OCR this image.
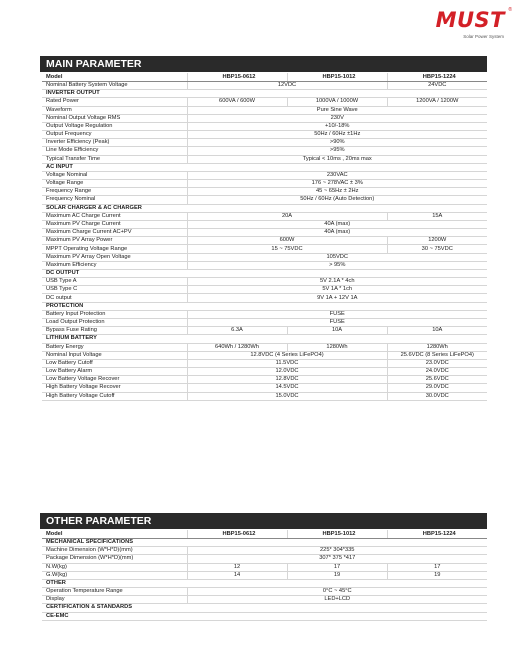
MUST ®
Solar Power System
MAIN PARAMETER
Model	HBP15-0612	HBP15-1012	HBP15-1224
Nominal Battery System Voltage	12VDC		24VDC
INVERTER OUTPUT			
Rated Power	600VA / 600W	1000VA / 1000W	1200VA / 1200W
Waveform	Pure Sine Wave		
Nominal Output Voltage RMS	230V		
Output Voltage Regulation	+10/-18%		
Output Frequency	50Hz / 60Hz ±1Hz		
Inverter Efficiency (Peak)	>90%		
Line Mode Efficiency	>95%		
Typical Transfer Time	Typical < 10ms , 20ms max		
AC INPUT			
Voltage Nominal	230VAC		
Voltage Range	176 ~ 278VAC ± 3%		
Frequency Range	45 ~ 65Hz ± 2Hz		
Frequency Nominal	50Hz / 60Hz (Auto Detection)		
SOLAR CHARGER & AC CHARGER			
Maximum AC Charge Current	20A		15A
Maximum PV Charge Current	40A (max)		
Maximum Charge Current AC+PV	40A (max)		
Maximum PV Array Power	600W		1200W
MPPT Operating Voltage Range	15 ~ 75VDC		30 ~ 75VDC
Maximum PV Array Open Voltage	105VDC		
Maximum Efficiency	> 95%		
DC OUTPUT			
USB Type A	5V 2.1A * 4ch		
USB Type C	5V 1A * 1ch		
DC output	9V 1A + 12V 1A		
PROTECTION			
Battery Input Protection	FUSE		
Load Output Protection	FUSE		
Bypass Fuse Rating	6.3A	10A	10A
LITHIUM BATTERY			
Battery Energy	640Wh / 1280Wh	1280Wh	1280Wh
Nominal Input Voltage	12.8VDC (4 Series LiFePO4)		25.6VDC (8 Series LiFePO4)
Low Battery Cutoff	11.5VDC		23.0VDC
Low Battery Alarm	12.0VDC		24.0VDC
Low Battery Voltage Recover	12.8VDC		25.6VDC
High Battery Voltage Recover	14.5VDC		29.0VDC
High Battery Voltage Cutoff	15.0VDC		30.0VDC
OTHER PARAMETER
Model	HBP15-0612	HBP15-1012	HBP15-1224
MECHANICAL SPECIFICATIONS			
Machine Dimension (W*H*D)(mm)	225* 304*335		
Package Dimension (W*H*D)(mm)	307* 375 *417		
N.W(kg)	12	17	17
G.W(kg)	14	19	19
OTHER			
Operation Temperature Range	0°C ~ 45°C		
Display	LED+LCD		
CERTIFICATION & STANDARDS			
CE-EMC			
